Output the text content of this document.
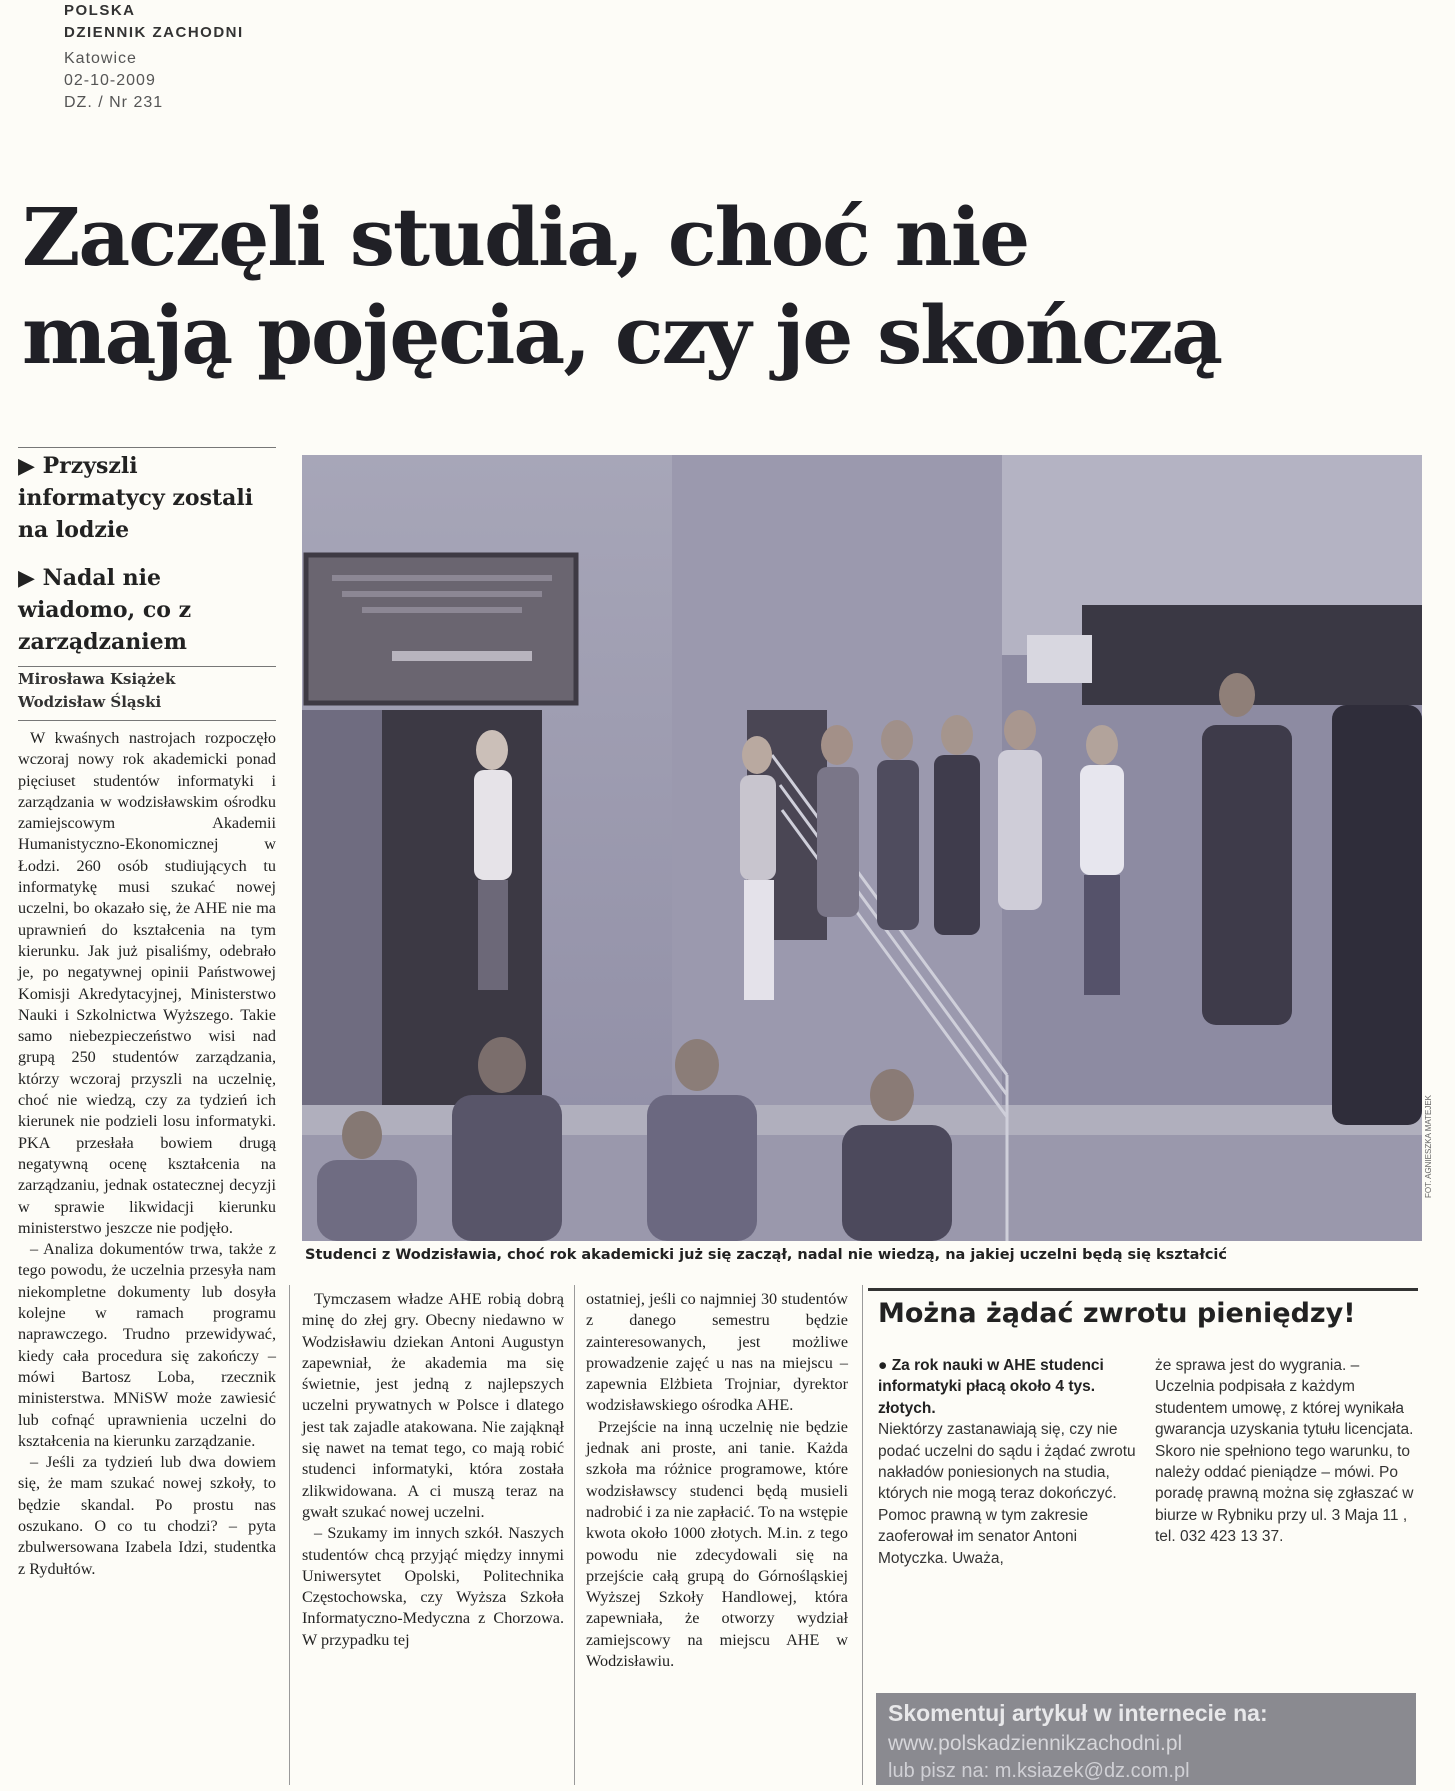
POLSKA
DZIENNIK ZACHODNI
Katowice
02-10-2009
DZ. / Nr 231
Zaczęli studia, choć nie
mają pojęcia, czy je skończą
▶ Przyszli informatycy zostali na lodzie
▶ Nadal nie wiadomo, co z zarządzaniem
Mirosława Książek
Wodzisław Śląski

W kwaśnych nastrojach rozpoczęło wczoraj nowy rok akademicki ponad pięciuset studentów informatyki i zarządzania w wodzisławskim ośrodku zamiejscowym Akademii Humanistyczno-Ekonomicznej w Łodzi. 260 osób studiujących tu informatykę musi szukać nowej uczelni, bo okazało się, że AHE nie ma uprawnień do kształcenia na tym kierunku. Jak już pisaliśmy, odebrało je, po negatywnej opinii Państwowej Komisji Akredytacyjnej, Ministerstwo Nauki i Szkolnictwa Wyższego. Takie samo niebezpieczeństwo wisi nad grupą 250 studentów zarządzania, którzy wczoraj przyszli na uczelnię, choć nie wiedzą, czy za tydzień ich kierunek nie podzieli losu informatyki. PKA przesłała bowiem drugą negatywną ocenę kształcenia na zarządzaniu, jednak ostatecznej decyzji w sprawie likwidacji kierunku ministerstwo jeszcze nie podjęło.

– Analiza dokumentów trwa, także z tego powodu, że uczelnia przesyła nam niekompletne dokumenty lub dosyła kolejne w ramach programu naprawczego. Trudno przewidywać, kiedy cała procedura się zakończy – mówi Bartosz Loba, rzecznik ministerstwa. MNiSW może zawiesić lub cofnąć uprawnienia uczelni do kształcenia na kierunku zarządzanie.

– Jeśli za tydzień lub dwa dowiem się, że mam szukać nowej szkoły, to będzie skandal. Po prostu nas oszukano. O co tu chodzi? – pyta zbulwersowana Izabela Idzi, studentka z Rydułtów.

FOT. AGNIESZKA MATEJEK
Studenci z Wodzisławia, choć rok akademicki już się zaczął, nadal nie wiedzą, na jakiej uczelni będą się kształcić

Tymczasem władze AHE robią dobrą minę do złej gry. Obecny niedawno w Wodzisławiu dziekan Antoni Augustyn zapewniał, że akademia ma się świetnie, jest jedną z najlepszych uczelni prywatnych w Polsce i dlatego jest tak zajadle atakowana. Nie zająknął się nawet na temat tego, co mają robić studenci informatyki, która została zlikwidowana. A ci muszą teraz na gwałt szukać nowej uczelni.

– Szukamy im innych szkół. Naszych studentów chcą przyjąć między innymi Uniwersytet Opolski, Politechnika Częstochowska, czy Wyższa Szkoła Informatyczno-Medyczna z Chorzowa. W przypadku tej

ostatniej, jeśli co najmniej 30 studentów z danego semestru będzie zainteresowanych, jest możliwe prowadzenie zajęć u nas na miejscu – zapewnia Elżbieta Trojniar, dyrektor wodzisławskiego ośrodka AHE.

Przejście na inną uczelnię nie będzie jednak ani proste, ani tanie. Każda szkoła ma różnice programowe, które wodzisławscy studenci będą musieli nadrobić i za nie zapłacić. To na wstępie kwota około 1000 złotych. M.in. z tego powodu nie zdecydowali się na przejście całą grupą do Górnośląskiej Wyższej Szkoły Handlowej, która zapewniała, że otworzy wydział zamiejscowy na miejscu AHE w Wodzisławiu.

Można żądać zwrotu pieniędzy!
● Za rok nauki w AHE studenci informatyki płacą około 4 tys. złotych.
Niektórzy zastanawiają się, czy nie podać uczelni do sądu i żądać zwrotu nakładów poniesionych na studia, których nie mogą teraz dokończyć. Pomoc prawną w tym zakresie zaoferował im senator Antoni Motyczka. Uważa,
że sprawa jest do wygrania. – Uczelnia podpisała z każdym studentem umowę, z której wynikała gwarancja uzyskania tytułu licencjata. Skoro nie spełniono tego warunku, to należy oddać pieniądze – mówi. Po poradę prawną można się zgłaszać w biurze w Rybniku przy ul. 3 Maja 11 , tel. 032 423 13 37.
Skomentuj artykuł w internecie na:
www.polskadziennikzachodni.pl
lub pisz na: m.ksiazek@dz.com.pl
